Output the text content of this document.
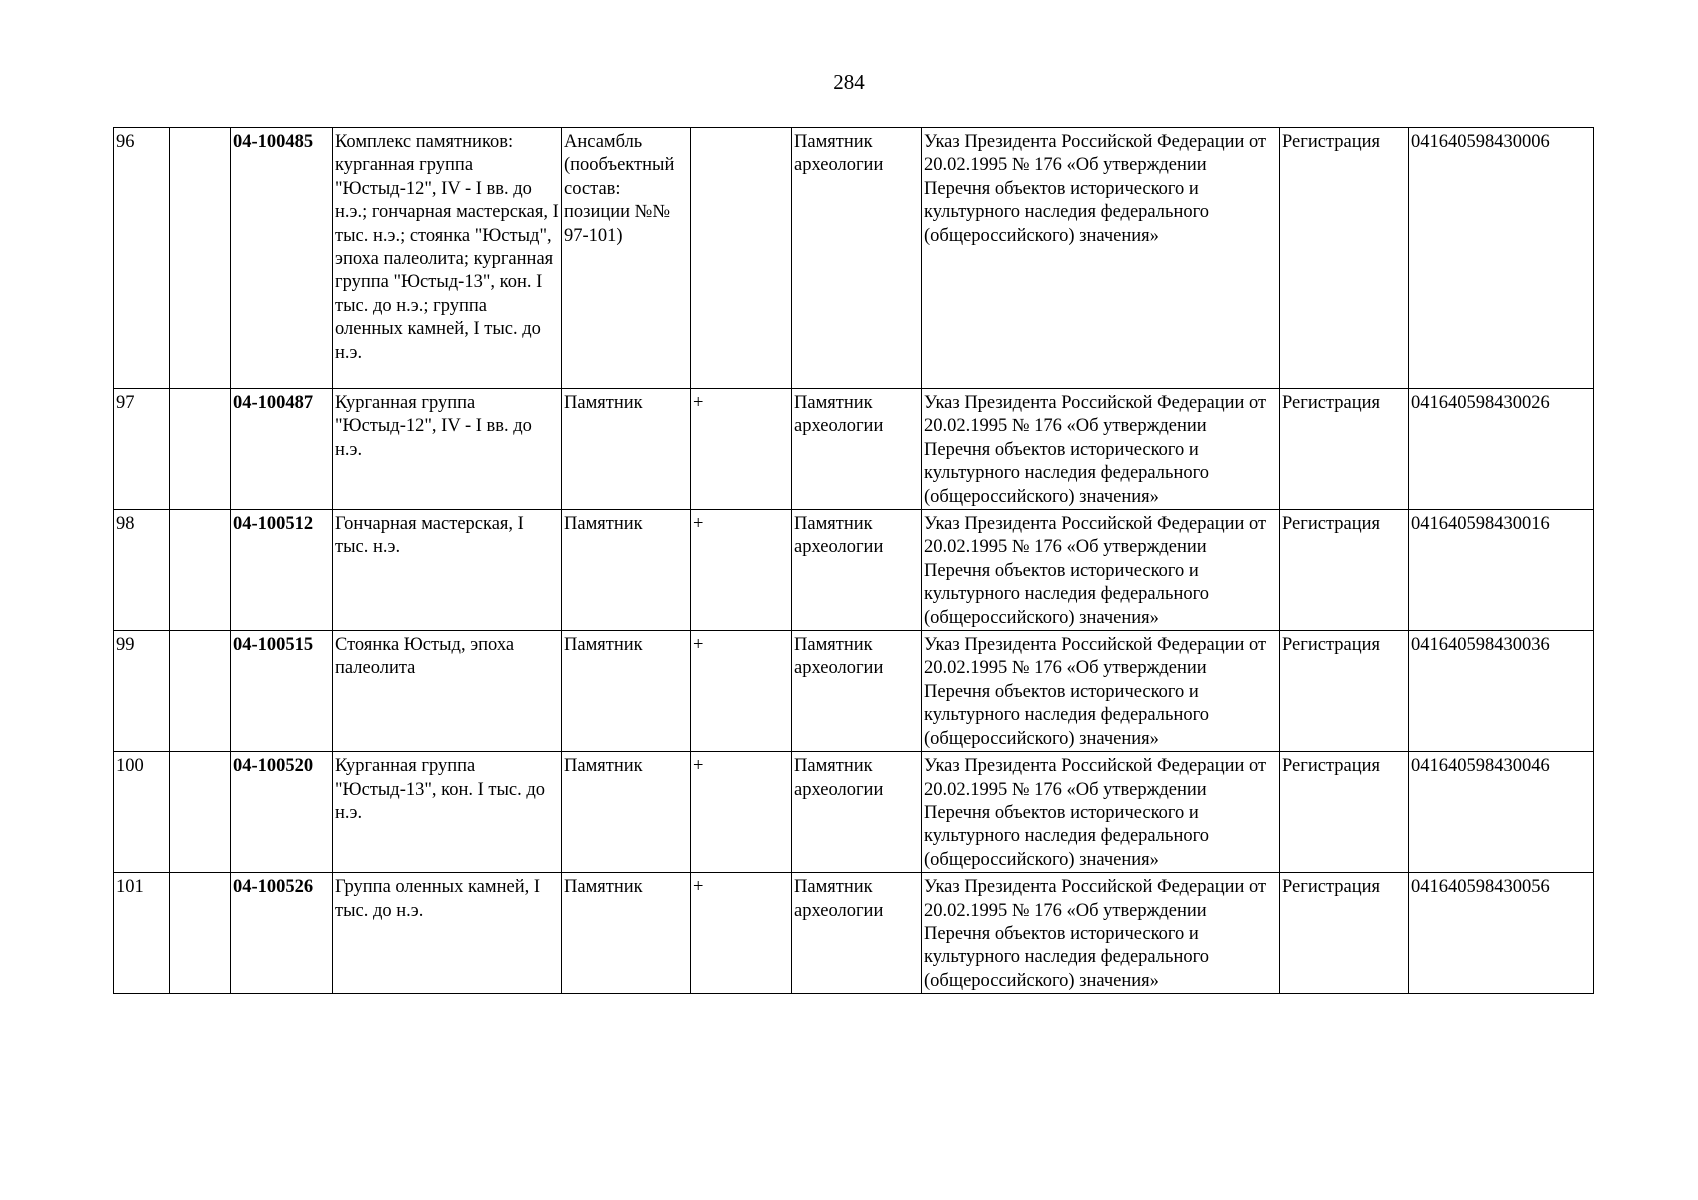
284
96		04-100485	Комплекс памятников: курганная группа "Юстыд-12", IV - I вв. до н.э.; гончарная мастерская, I тыс. н.э.; стоянка "Юстыд", эпоха палеолита; курганная группа "Юстыд-13", кон. I тыс. до н.э.; группа оленных камней, I тыс. до н.э.	Ансамбль (пообъектный состав: позиции №№ 97-101)		Памятник археологии	Указ Президента Российской Федерации от 20.02.1995 № 176 «Об утверждении Перечня объектов исторического и культурного наследия федерального (общероссийского) значения»	Регистрация	041640598430006
97		04-100487	Курганная группа "Юстыд-12", IV - I вв. до н.э.	Памятник	+	Памятник археологии	Указ Президента Российской Федерации от 20.02.1995 № 176 «Об утверждении Перечня объектов исторического и культурного наследия федерального (общероссийского) значения»	Регистрация	041640598430026
98		04-100512	Гончарная мастерская, I тыс. н.э.	Памятник	+	Памятник археологии	Указ Президента Российской Федерации от 20.02.1995 № 176 «Об утверждении Перечня объектов исторического и культурного наследия федерального (общероссийского) значения»	Регистрация	041640598430016
99		04-100515	Стоянка Юстыд, эпоха палеолита	Памятник	+	Памятник археологии	Указ Президента Российской Федерации от 20.02.1995 № 176 «Об утверждении Перечня объектов исторического и культурного наследия федерального (общероссийского) значения»	Регистрация	041640598430036
100		04-100520	Курганная группа "Юстыд-13", кон. I тыс. до н.э.	Памятник	+	Памятник археологии	Указ Президента Российской Федерации от 20.02.1995 № 176 «Об утверждении Перечня объектов исторического и культурного наследия федерального (общероссийского) значения»	Регистрация	041640598430046
101		04-100526	Группа оленных камней, I тыс. до н.э.	Памятник	+	Памятник археологии	Указ Президента Российской Федерации от 20.02.1995 № 176 «Об утверждении Перечня объектов исторического и культурного наследия федерального (общероссийского) значения»	Регистрация	041640598430056
